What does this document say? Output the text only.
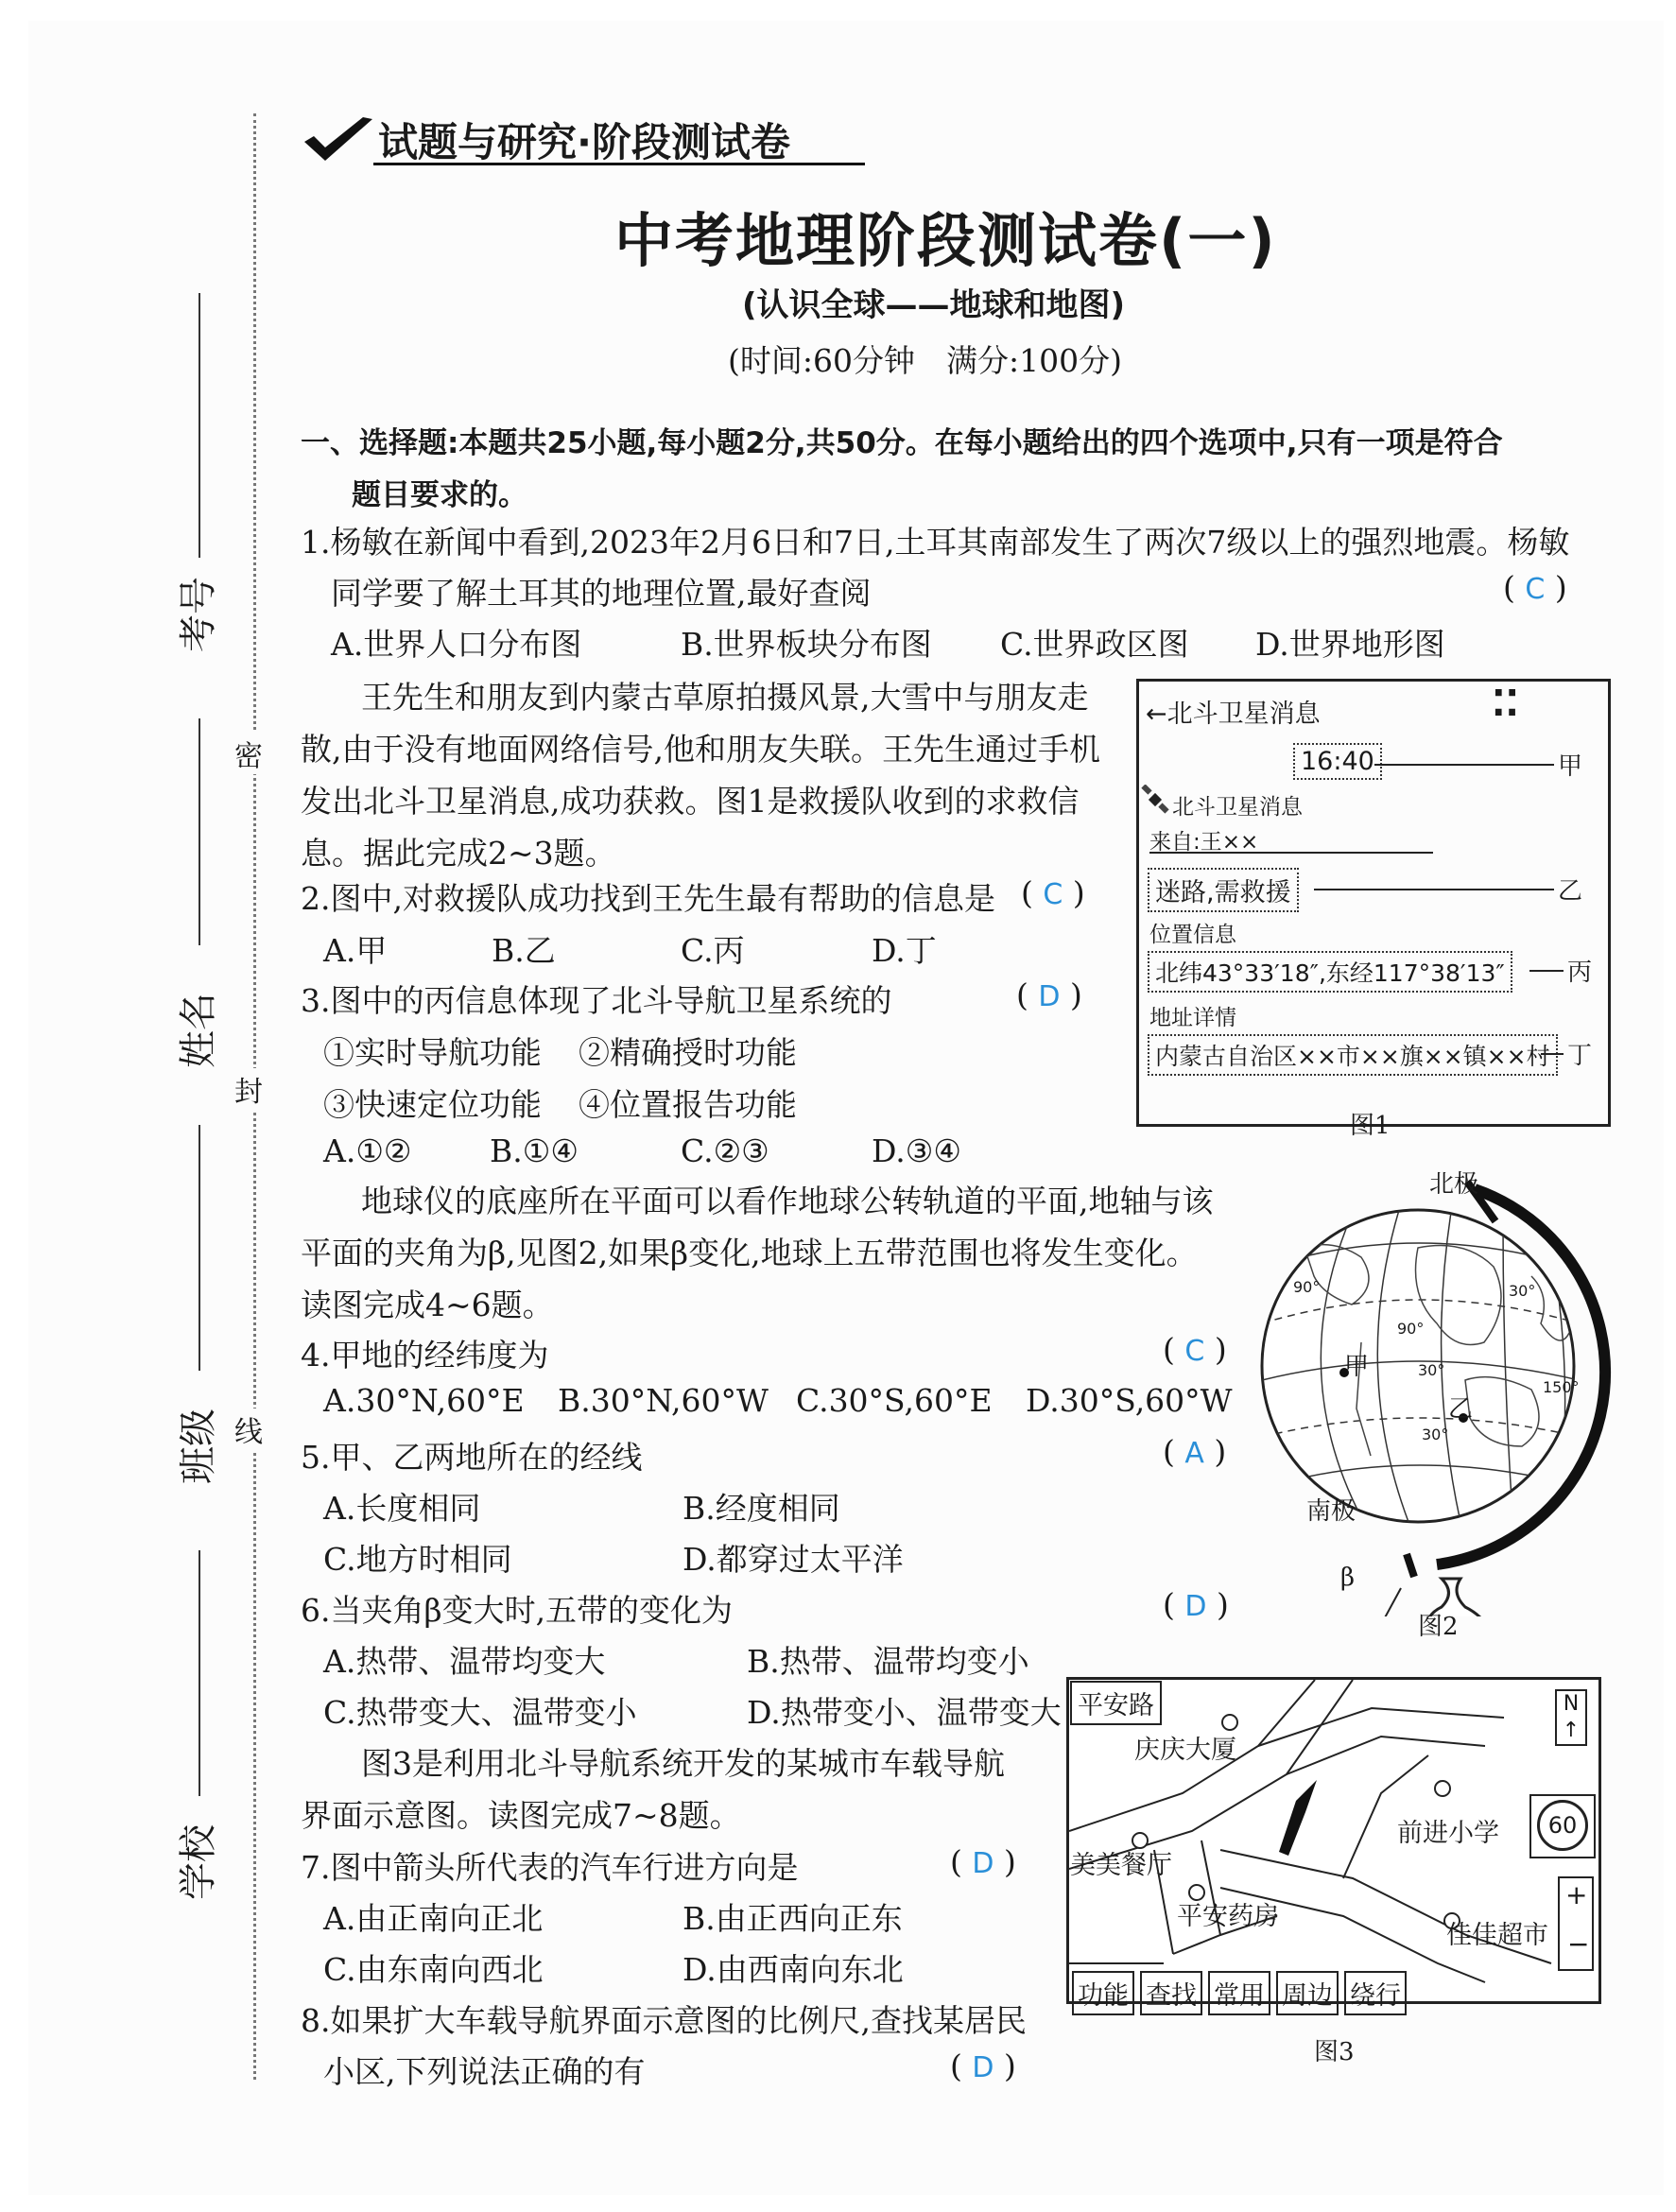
考号
姓名
班级
学校
密
封
线
试题与研究·阶段测试卷
中考地理阶段测试卷(一)
(认识全球——地球和地图)
(时间:60分钟　满分:100分)
一、选择题:本题共25小题,每小题2分,共50分。在每小题给出的四个选项中,只有一项是符合
题目要求的。
1.杨敏在新闻中看到,2023年2月6日和7日,土耳其南部发生了两次7级以上的强烈地震。杨敏
同学要了解土耳其的地理位置,最好查阅	( C )
A.世界人口分布图	B.世界板块分布图 C.世界政区图 D.世界地形图
王先生和朋友到内蒙古草原拍摄风景,大雪中与朋友走
散,由于没有地面网络信号,他和朋友失联。王先生通过手机
发出北斗卫星消息,成功获救。图1是救援队收到的求救信
息。据此完成2~3题。
2.图中,对救援队成功找到王先生最有帮助的信息是 ( C )
A.甲	B.乙	C.丙	D.丁
3.图中的丙信息体现了北斗导航卫星系统的	( D )
①实时导航功能 ②精确授时功能
③快速定位功能 ④位置报告功能
A.①②	B.①④	C.②③	D.③④
←北斗卫星消息	⁚⁚
16:40	甲
北斗卫星消息
来自:王××
迷路,需救援	乙
位置信息
北纬43°33′18″,东经117°38′13″	丙
地址详情
内蒙古自治区××市××旗××镇××村 丁
图1
地球仪的底座所在平面可以看作地球公转轨道的平面,地轴与该
平面的夹角为β,见图2,如果β变化,地球上五带范围也将发生变化。
读图完成4~6题。
4.甲地的经纬度为	( C )
A.30°N,60°E B.30°N,60°W C.30°S,60°E D.30°S,60°W
5.甲、乙两地所在的经线	( A )
A.长度相同	B.经度相同
C.地方时相同	D.都穿过太平洋
6.当夹角β变大时,五带的变化为	( D )
A.热带、温带均变大	B.热带、温带均变小
C.热带变大、温带变小	D.热带变小、温带变大
北极
南极
甲
乙
β
90°
90°
30°
30°
150°
30°
图2
图3是利用北斗导航系统开发的某城市车载导航
界面示意图。读图完成7~8题。
7.图中箭头所代表的汽车行进方向是	( D )
A.由正南向正北	B.由正西向正东
C.由东南向西北	D.由西南向东北
8.如果扩大车载导航界面示意图的比例尺,查找某居民
小区,下列说法正确的有	( D )
平安路
庆庆大厦
前进小学
美美餐厅
平安药房
佳佳超市
N
↑
60
+
−
功能 查找 常用 周边 绕行
图3
